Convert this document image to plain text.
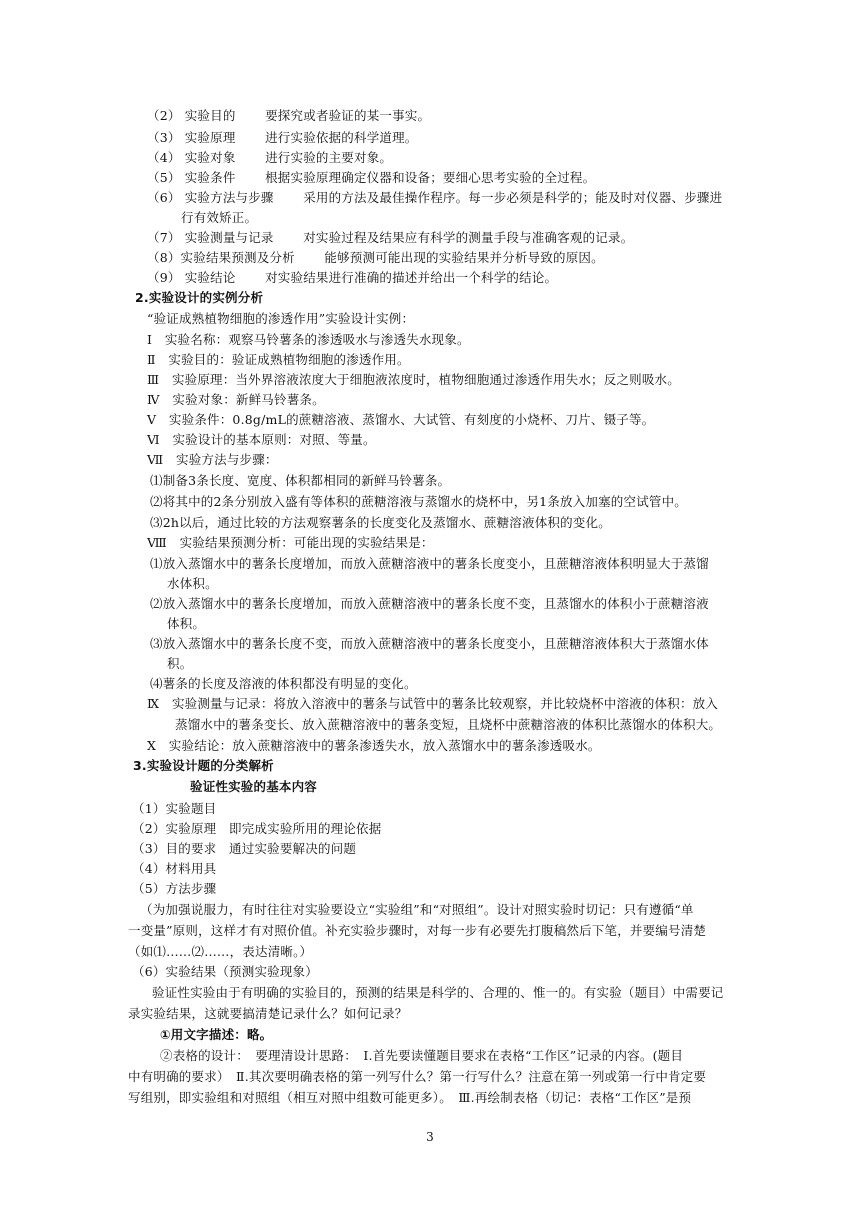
（2） 实验目的　　 要探究或者验证的某一事实。
（3） 实验原理　　 进行实验依据的科学道理。
（4） 实验对象　　 进行实验的主要对象。
（5） 实验条件　　 根据实验原理确定仪器和设备；要细心思考实验的全过程。
（6） 实验方法与步骤　　 采用的方法及最佳操作程序。每一步必须是科学的；能及时对仪器、步骤进
行有效矫正。
（7） 实验测量与记录　　 对实验过程及结果应有科学的测量手段与准确客观的记录。
（8）实验结果预测及分析　　 能够预测可能出现的实验结果并分析导致的原因。
（9） 实验结论　　 对实验结果进行准确的描述并给出一个科学的结论。
2.实验设计的实例分析
“验证成熟植物细胞的渗透作用”实验设计实例：
Ⅰ　实验名称：观察马铃薯条的渗透吸水与渗透失水现象。
Ⅱ　实验目的：验证成熟植物细胞的渗透作用。
Ⅲ　实验原理：当外界溶液浓度大于细胞液浓度时，植物细胞通过渗透作用失水；反之则吸水。
Ⅳ　实验对象：新鲜马铃薯条。
Ⅴ　实验条件：0.8g/mL的蔗糖溶液、蒸馏水、大试管、有刻度的小烧杯、刀片、镊子等。
Ⅵ　实验设计的基本原则：对照、等量。
Ⅶ　实验方法与步骤：
⑴制备3条长度、宽度、体积都相同的新鲜马铃薯条。
⑵将其中的2条分别放入盛有等体积的蔗糖溶液与蒸馏水的烧杯中，另1条放入加塞的空试管中。
⑶2h以后，通过比较的方法观察薯条的长度变化及蒸馏水、蔗糖溶液体积的变化。
Ⅷ　实验结果预测分析：可能出现的实验结果是：
⑴放入蒸馏水中的薯条长度增加，而放入蔗糖溶液中的薯条长度变小，且蔗糖溶液体积明显大于蒸馏
水体积。
⑵放入蒸馏水中的薯条长度增加，而放入蔗糖溶液中的薯条长度不变，且蒸馏水的体积小于蔗糖溶液
体积。
⑶放入蒸馏水中的薯条长度不变，而放入蔗糖溶液中的薯条长度变小，且蔗糖溶液体积大于蒸馏水体
积。
⑷薯条的长度及溶液的体积都没有明显的变化。
Ⅸ　实验测量与记录：将放入溶液中的薯条与试管中的薯条比较观察，并比较烧杯中溶液的体积：放入
蒸馏水中的薯条变长、放入蔗糖溶液中的薯条变短，且烧杯中蔗糖溶液的体积比蒸馏水的体积大。
Ⅹ　实验结论：放入蔗糖溶液中的薯条渗透失水，放入蒸馏水中的薯条渗透吸水。
3.实验设计题的分类解析
验证性实验的基本内容
（1）实验题目
（2）实验原理　即完成实验所用的理论依据
（3）目的要求　通过实验要解决的问题
（4）材料用具
（5）方法步骤
（为加强说服力，有时往往对实验要设立“实验组”和“对照组”。设计对照实验时切记：只有遵循“单
一变量”原则，这样才有对照价值。补充实验步骤时，对每一步有必要先打腹稿然后下笔，并要编号清楚
（如⑴……⑵……，表达清晰。）
（6）实验结果（预测实验现象）
验证性实验由于有明确的实验目的，预测的结果是科学的、合理的、惟一的。有实验（题目）中需要记
录实验结果，这就要搞清楚记录什么？如何记录？
①用文字描述：略。
②表格的设计：　要理清设计思路：　Ⅰ.首先要读懂题目要求在表格“工作区”记录的内容。(题目
中有明确的要求）　Ⅱ.其次要明确表格的第一列写什么？第一行写什么？注意在第一列或第一行中肯定要
写组别，即实验组和对照组（相互对照中组数可能更多）。　Ⅲ.再绘制表格（切记：表格“工作区”是预
3
